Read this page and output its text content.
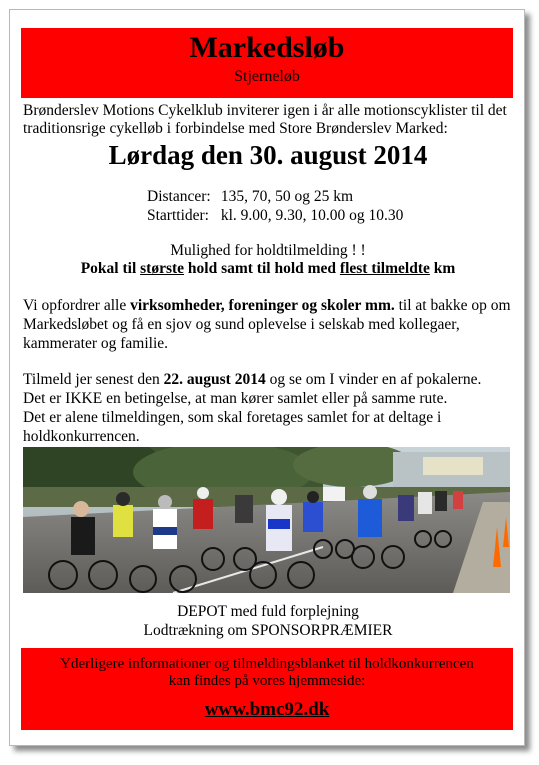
Markedsløb
Stjerneløb
Brønderslev Motions Cykelklub inviterer igen i år alle motionscyklister til det traditionsrige cykelløb i forbindelse med Store Brønderslev Marked:
Lørdag den 30. august 2014
Distancer: 135, 70, 50 og 25 km
Starttider: kl. 9.00, 9.30, 10.00 og 10.30
Mulighed for holdtilmelding ! !
Pokal til største hold samt til hold med flest tilmeldte km
Vi opfordrer alle virksomheder, foreninger og skoler mm. til at bakke op om Markedsløbet og få en sjov og sund oplevelse i selskab med kollegaer, kammerater og familie.
Tilmeld jer senest den 22. august 2014 og se om I vinder en af pokalerne.
Det er IKKE en betingelse, at man kører samlet eller på samme rute.
Det er alene tilmeldingen, som skal foretages samlet for at deltage i holdkonkurrencen.
DEPOT med fuld forplejning
Lodtrækning om SPONSORPRÆMIER
Yderligere informationer og tilmeldingsblanket til holdkonkurrencen
kan findes på vores hjemmeside:
www.bmc92.dk
